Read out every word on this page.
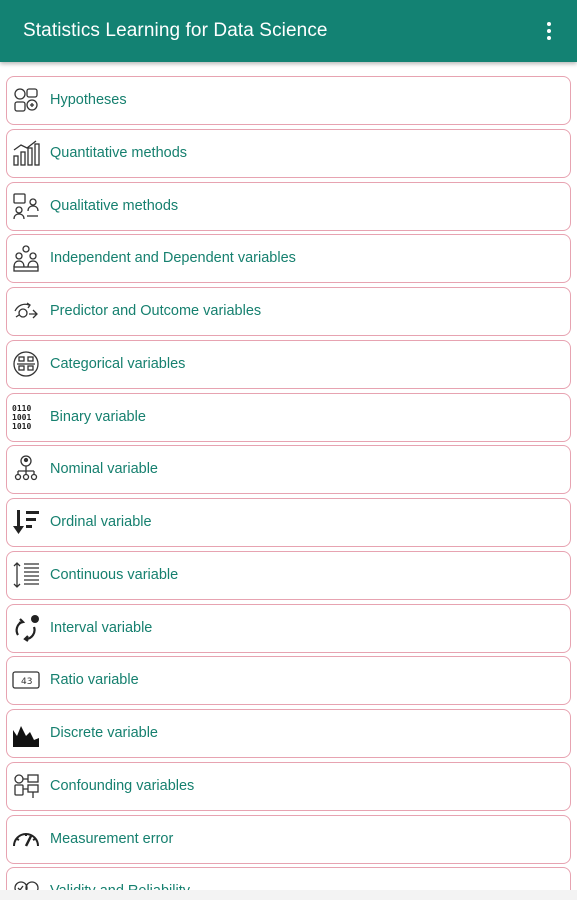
Statistics Learning for Data Science
Hypotheses
Quantitative methods
Qualitative methods
Independent and Dependent variables
Predictor and Outcome variables
Categorical variables
0110
1001
1010
Binary variable
Nominal variable
Ordinal variable
Continuous variable
Interval variable
43 Ratio variable
Discrete variable
Confounding variables
Measurement error
